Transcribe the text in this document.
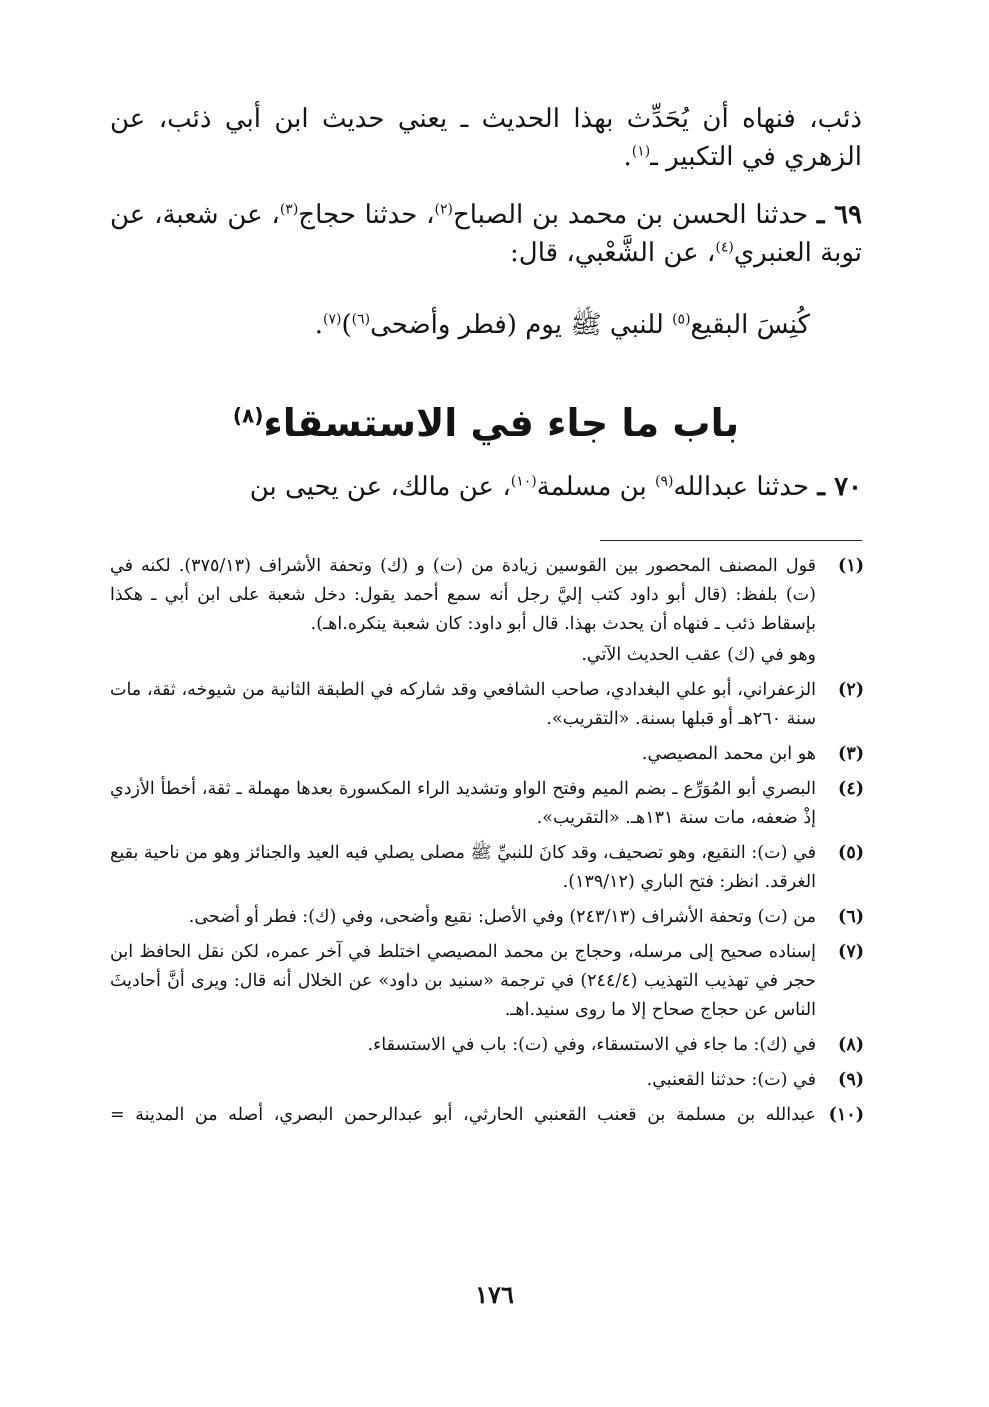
ذئب، فنهاه أن يُحَدِّث بهذا الحديث ـ يعني حديث ابن أبي ذئب، عن الزهري في التكبير ـ$^{(١)}$.

٦٩ ـ حدثنا الحسن بن محمد بن الصباح$^{(٢)}$، حدثنا حجاج$^{(٣)}$، عن شعبة، عن توبة العنبري$^{(٤)}$، عن الشَّعْبي، قال:

كُنِسَ البقيع$^{(٥)}$ للنبي ﷺ يوم (فطر وأضحى$^{(٦)}$)$^{(٧)}$.

باب ما جاء في الاستسقاء$^{(٨)}$

٧٠ ـ حدثنا عبدالله$^{(٩)}$ بن مسلمة$^{(١٠)}$، عن مالك، عن يحيى بن

(١)
قول المصنف المحصور بين القوسين زيادة من (ت) و (ك) وتحفة الأشراف (٣٧٥/١٣). لكنه في (ت) بلفظ: (قال أبو داود كتب إليَّ رجل أنه سمع أحمد يقول: دخل شعبة على ابن أبي ـ هكذا بإسقاط ذئب ـ فنهاه أن يحدث بهذا. قال أبو داود: كان شعبة ينكره.اهـ).
وهو في (ك) عقب الحديث الآتي.
(٢)
الزعفراني، أبو علي البغدادي، صاحب الشافعي وقد شاركه في الطبقة الثانية من شيوخه، ثقة، مات سنة ٢٦٠هـ أو قبلها بسنة. «التقريب».
(٣)
هو ابن محمد المصيصي.
(٤)
البصري أبو المُوَرِّع ـ بضم الميم وفتح الواو وتشديد الراء المكسورة بعدها مهملة ـ ثقة، أخطأ الأزدي إذْ ضعفه، مات سنة ١٣١هـ. «التقريب».
(٥)
في (ت): النقيع، وهو تصحيف، وقد كانَ للنبيِّ ﷺ مصلى يصلي فيه العيد والجنائز وهو من ناحية بقيع الغرقد. انظر: فتح الباري (١٣٩/١٢).
(٦)
من (ت) وتحفة الأشراف (٢٤٣/١٣) وفي الأصل: نقيع وأضحى، وفي (ك): فطر أو أضحى.
(٧)
إسناده صحيح إلى مرسله، وحجاج بن محمد المصيصي اختلط في آخر عمره، لكن نقل الحافظ ابن حجر في تهذيب التهذيب (٢٤٤/٤) في ترجمة «سنيد بن داود» عن الخلال أنه قال: ويرى أنَّ أحاديثَ الناس عن حجاج صحاح إلا ما روى سنيد.اهـ.
(٨)
في (ك): ما جاء في الاستسقاء، وفي (ت): باب في الاستسقاء.
(٩)
في (ت): حدثنا القعنبي.
(١٠)
عبدالله بن مسلمة بن قعنب القعنبي الحارثي، أبو عبدالرحمن البصري، أصله من المدينة =
١٧٦
